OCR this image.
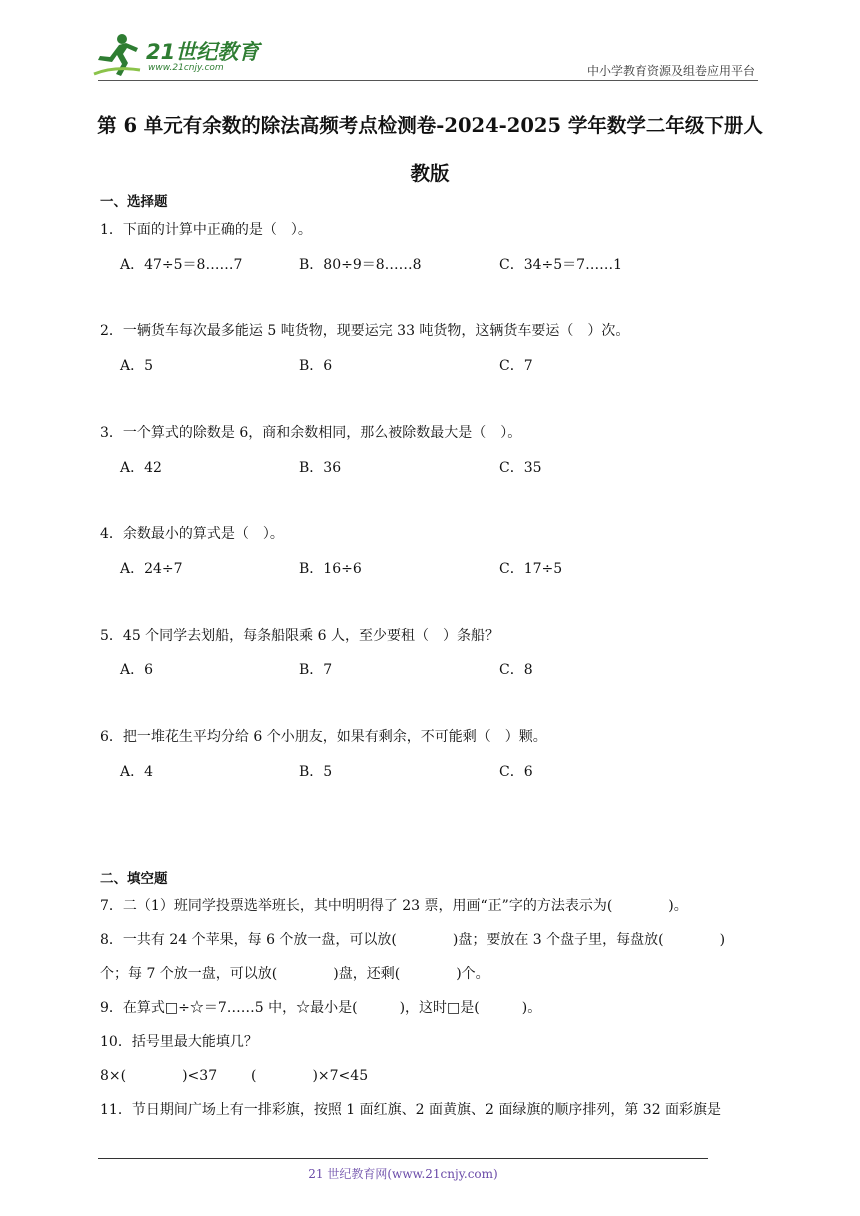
21世纪教育
www.21cnjy.com	中小学教育资源及组卷应用平台
第 6 单元有余数的除法高频考点检测卷-2024-2025 学年数学二年级下册人教版
一、选择题
1．下面的计算中正确的是（　）。
A．47÷5＝8……7	B．80÷9＝8……8	C．34÷5＝7……1
2．一辆货车每次最多能运 5 吨货物，现要运完 33 吨货物，这辆货车要运（　）次。
A．5	B．6	C．7
3．一个算式的除数是 6，商和余数相同，那么被除数最大是（　）。
A．42	B．36	C．35
4．余数最小的算式是（　）。
A．24÷7	B．16÷6	C．17÷5
5．45 个同学去划船，每条船限乘 6 人，至少要租（　）条船？
A．6	B．7	C．8
6．把一堆花生平均分给 6 个小朋友，如果有剩余，不可能剩（　）颗。
A．4	B．5	C．6
二、填空题
7．二（1）班同学投票选举班长，其中明明得了 23 票，用画“正”字的方法表示为(　　　　)。
8．一共有 24 个苹果，每 6 个放一盘，可以放(　　　　)盘；要放在 3 个盘子里，每盘放(　　　　)
个；每 7 个放一盘，可以放(　　　　)盘，还剩(　　　　)个。
9．在算式□÷☆＝7……5 中，☆最小是(　　　)，这时□是(　　　)。
10．括号里最大能填几？
8×(　　　　)<37 (　　　　)×7<45
11．节日期间广场上有一排彩旗，按照 1 面红旗、2 面黄旗、2 面绿旗的顺序排列，第 32 面彩旗是
21 世纪教育网(www.21cnjy.com)
